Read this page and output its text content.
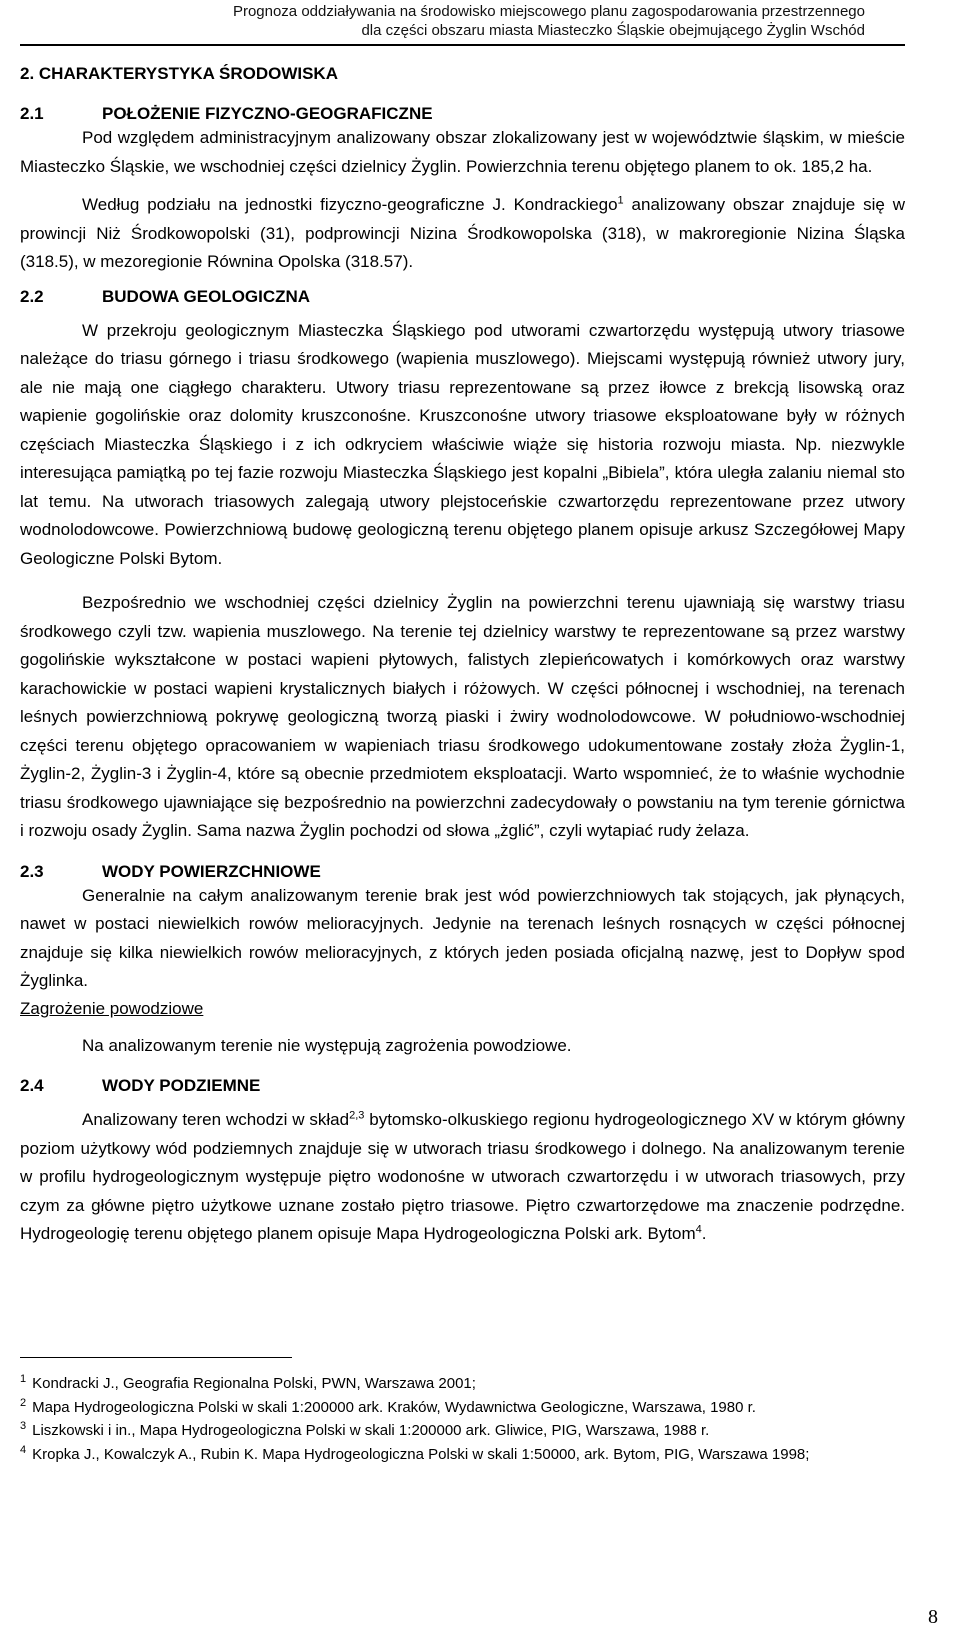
Prognoza oddziaływania na środowisko miejscowego planu zagospodarowania przestrzennego
dla części obszaru miasta Miasteczko Śląskie obejmującego Żyglin Wschód
2. CHARAKTERYSTYKA ŚRODOWISKA
2.1	POŁOŻENIE FIZYCZNO-GEOGRAFICZNE

Pod względem administracyjnym analizowany obszar zlokalizowany jest w województwie śląskim, w mieście Miasteczko Śląskie, we wschodniej części dzielnicy Żyglin. Powierzchnia terenu objętego planem to ok. 185,2 ha.

Według podziału na jednostki fizyczno-geograficzne J. Kondrackiego$^1$ analizowany obszar znajduje się w prowincji Niż Środkowopolski (31), podprowincji Nizina Środkowopolska (318), w makroregionie Nizina Śląska (318.5), w mezoregionie Równina Opolska (318.57).

2.2	BUDOWA GEOLOGICZNA

W przekroju geologicznym Miasteczka Śląskiego pod utworami czwartorzędu występują utwory triasowe należące do triasu górnego i triasu środkowego (wapienia muszlowego). Miejscami występują również utwory jury, ale nie mają one ciągłego charakteru. Utwory triasu reprezentowane są przez iłowce z brekcją lisowską oraz wapienie gogolińskie oraz dolomity kruszconośne. Kruszconośne utwory triasowe eksploatowane były w różnych częściach Miasteczka Śląskiego i z ich odkryciem właściwie wiąże się historia rozwoju miasta. Np. niezwykle interesująca pamiątką po tej fazie rozwoju Miasteczka Śląskiego jest kopalni „Bibiela”, która uległa zalaniu niemal sto lat temu. Na utworach triasowych zalegają utwory plejstoceńskie czwartorzędu reprezentowane przez utwory wodnolodowcowe. Powierzchniową budowę geologiczną terenu objętego planem opisuje arkusz Szczegółowej Mapy Geologiczne Polski Bytom.

Bezpośrednio we wschodniej części dzielnicy Żyglin na powierzchni terenu ujawniają się warstwy triasu środkowego czyli tzw. wapienia muszlowego. Na terenie tej dzielnicy warstwy te reprezentowane są przez warstwy gogolińskie wykształcone w postaci wapieni płytowych, falistych zlepieńcowatych i komórkowych oraz warstwy karachowickie w postaci wapieni krystalicznych białych i różowych. W części północnej i wschodniej, na terenach leśnych powierzchniową pokrywę geologiczną tworzą piaski i żwiry wodnolodowcowe. W południowo-wschodniej części terenu objętego opracowaniem w wapieniach triasu środkowego udokumentowane zostały złoża Żyglin-1, Żyglin-2, Żyglin-3 i Żyglin-4, które są obecnie przedmiotem eksploatacji. Warto wspomnieć, że to właśnie wychodnie triasu środkowego ujawniające się bezpośrednio na powierzchni zadecydowały o powstaniu na tym terenie górnictwa i rozwoju osady Żyglin. Sama nazwa Żyglin pochodzi od słowa „żglić”, czyli wytapiać rudy żelaza.

2.3	WODY POWIERZCHNIOWE

Generalnie na całym analizowanym terenie brak jest wód powierzchniowych tak stojących, jak płynących, nawet w postaci niewielkich rowów melioracyjnych. Jedynie na terenach leśnych rosnących w części północnej znajduje się kilka niewielkich rowów melioracyjnych, z których jeden posiada oficjalną nazwę, jest to Dopływ spod Żyglinka.

Zagrożenie powodziowe

Na analizowanym terenie nie występują zagrożenia powodziowe.

2.4	WODY PODZIEMNE

Analizowany teren wchodzi w skład$^{2,3}$ bytomsko-olkuskiego regionu hydrogeologicznego XV w którym główny poziom użytkowy wód podziemnych znajduje się w utworach triasu środkowego i dolnego. Na analizowanym terenie w profilu hydrogeologicznym występuje piętro wodonośne w utworach czwartorzędu i w utworach triasowych, przy czym za główne piętro użytkowe uznane zostało piętro triasowe. Piętro czwartorzędowe ma znaczenie podrzędne. Hydrogeologię terenu objętego planem opisuje Mapa Hydrogeologiczna Polski ark. Bytom$^4$.

$^1$ Kondracki J., Geografia Regionalna Polski, PWN, Warszawa 2001;
$^2$ Mapa Hydrogeologiczna Polski w skali 1:200000 ark. Kraków, Wydawnictwa Geologiczne, Warszawa, 1980 r.
$^3$ Liszkowski i in., Mapa Hydrogeologiczna Polski w skali 1:200000 ark. Gliwice, PIG, Warszawa, 1988 r.
$^4$ Kropka J., Kowalczyk A., Rubin K. Mapa Hydrogeologiczna Polski w skali 1:50000, ark. Bytom, PIG, Warszawa 1998;
8
